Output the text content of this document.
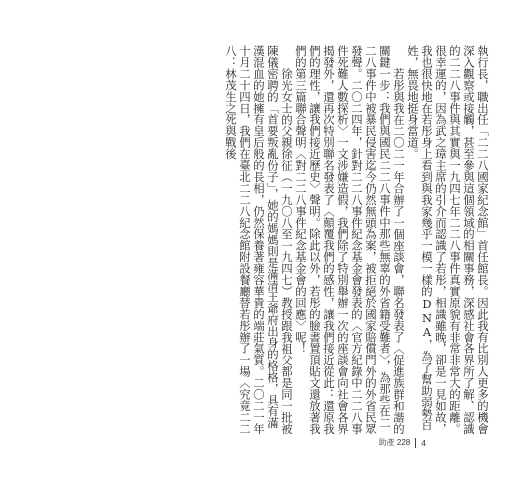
執行長，職出任「二二八國家紀念館」首任館長。因此我有比別人更多的機會深入觀察或接觸，甚至參與這個領域的相關事務，深感社會各界所了解、認識的二二八事件與其實與一九四七年二二八事件真實原貌有非常非常大的距離。很幸運的，因為武之璋主席的引介而認識了若彤，相識雖晚，卻是一見如故，我也很快地在若彤身上看到與我家幾乎一模一樣的DNA，為了幫助弱勢百姓，無畏地挺身當道。

若彤與我在二〇二一年合辦了一個座談會，聯名發表了〈促進族群和諧的關鍵一步：我們與國民二二八事件中那些無辜的外省籍受難者〉，為那些在二二八事件中被暴民侵害迄今仍然無頭為案，被拒絕於國家賠償門外的外省民眾發聲。二〇二四年，針對二二八事件紀念基金會發表的〈官方紀錄中二二八事件死難人數探析〉一文涉嫌造假，我們除了特別舉辦一次的座談會向社會各界揭發外，還再次特別聯名發表了〈顛覆我們的感性，讓我們接近從此：還原我們的理性，讓我們接近歷史〉聲明。除此以外，若彤的臉書置頂貼文還放著我們的第三篇聯合聲明〈對二二八事件紀念基金會的回應〉呢！

徐光女士的父親徐征（一九〇八至一九四七）教授跟我祖父都是同一批被陳儀密聘的「首要叛亂份子」，她的媽媽則是滿清王爺府出身的格格，具有滿漢混血的她擁有皇后般的長相，仍然保養著雍容華貴的端莊氣質。二〇二一年十月二十四日，我們在臺北二二八紀念館附設餐廳替若彤辦了一場〈究竟二二八：林茂生之死與戰後

助產 228 4
